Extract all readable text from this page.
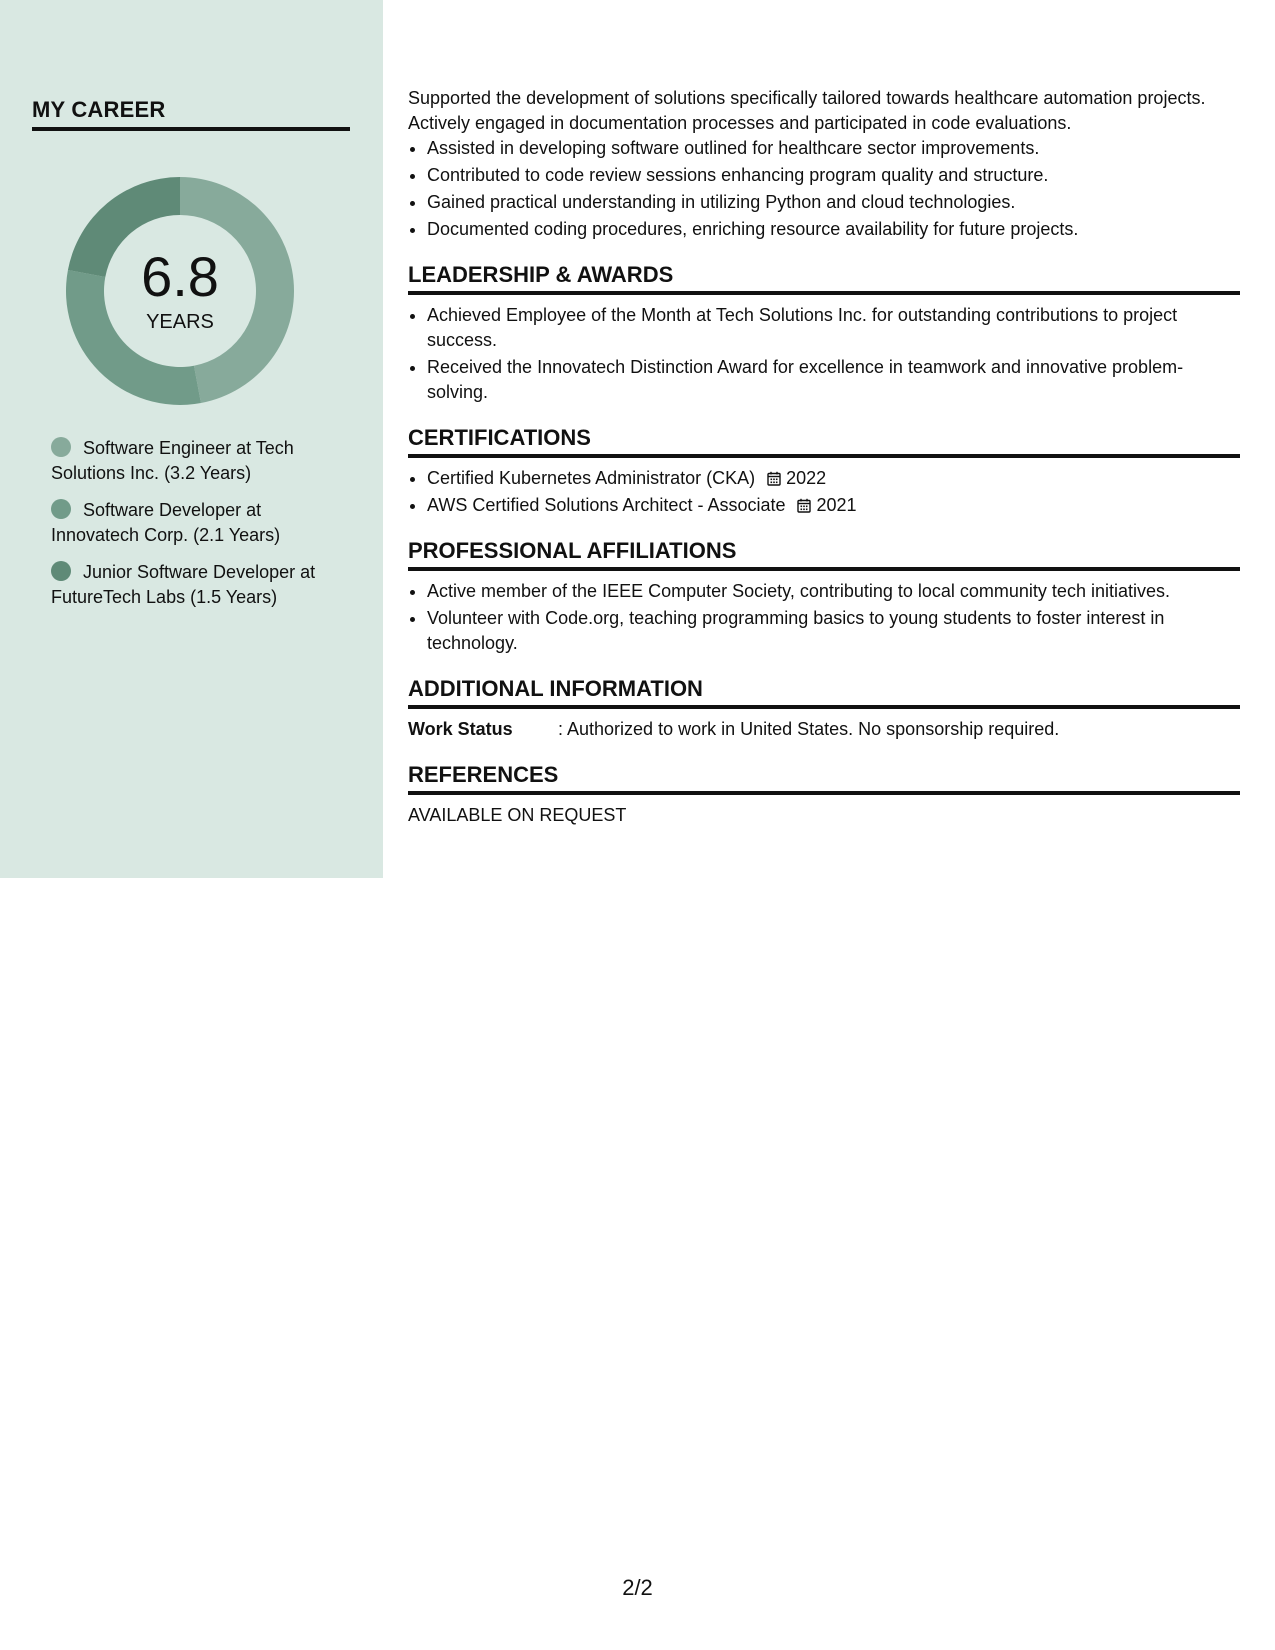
MY CAREER
6.8
YEARS
Software Engineer at Tech Solutions Inc. (3.2 Years)
Software Developer at Innovatech Corp. (2.1 Years)
Junior Software Developer at FutureTech Labs (1.5 Years)

Supported the development of solutions specifically tailored towards healthcare automation projects. Actively engaged in documentation processes and participated in code evaluations.

• Assisted in developing software outlined for healthcare sector improvements.
• Contributed to code review sessions enhancing program quality and structure.
• Gained practical understanding in utilizing Python and cloud technologies.
• Documented coding procedures, enriching resource availability for future projects.
LEADERSHIP & AWARDS
• Achieved Employee of the Month at Tech Solutions Inc. for outstanding contributions to project success.
• Received the Innovatech Distinction Award for excellence in teamwork and innovative problem-solving.
CERTIFICATIONS
• Certified Kubernetes Administrator (CKA) 2022
• AWS Certified Solutions Architect - Associate 2021
PROFESSIONAL AFFILIATIONS
• Active member of the IEEE Computer Society, contributing to local community tech initiatives.
• Volunteer with Code.org, teaching programming basics to young students to foster interest in technology.
ADDITIONAL INFORMATION
Work Status	: Authorized to work in United States. No sponsorship required.
REFERENCES
AVAILABLE ON REQUEST
2/2
